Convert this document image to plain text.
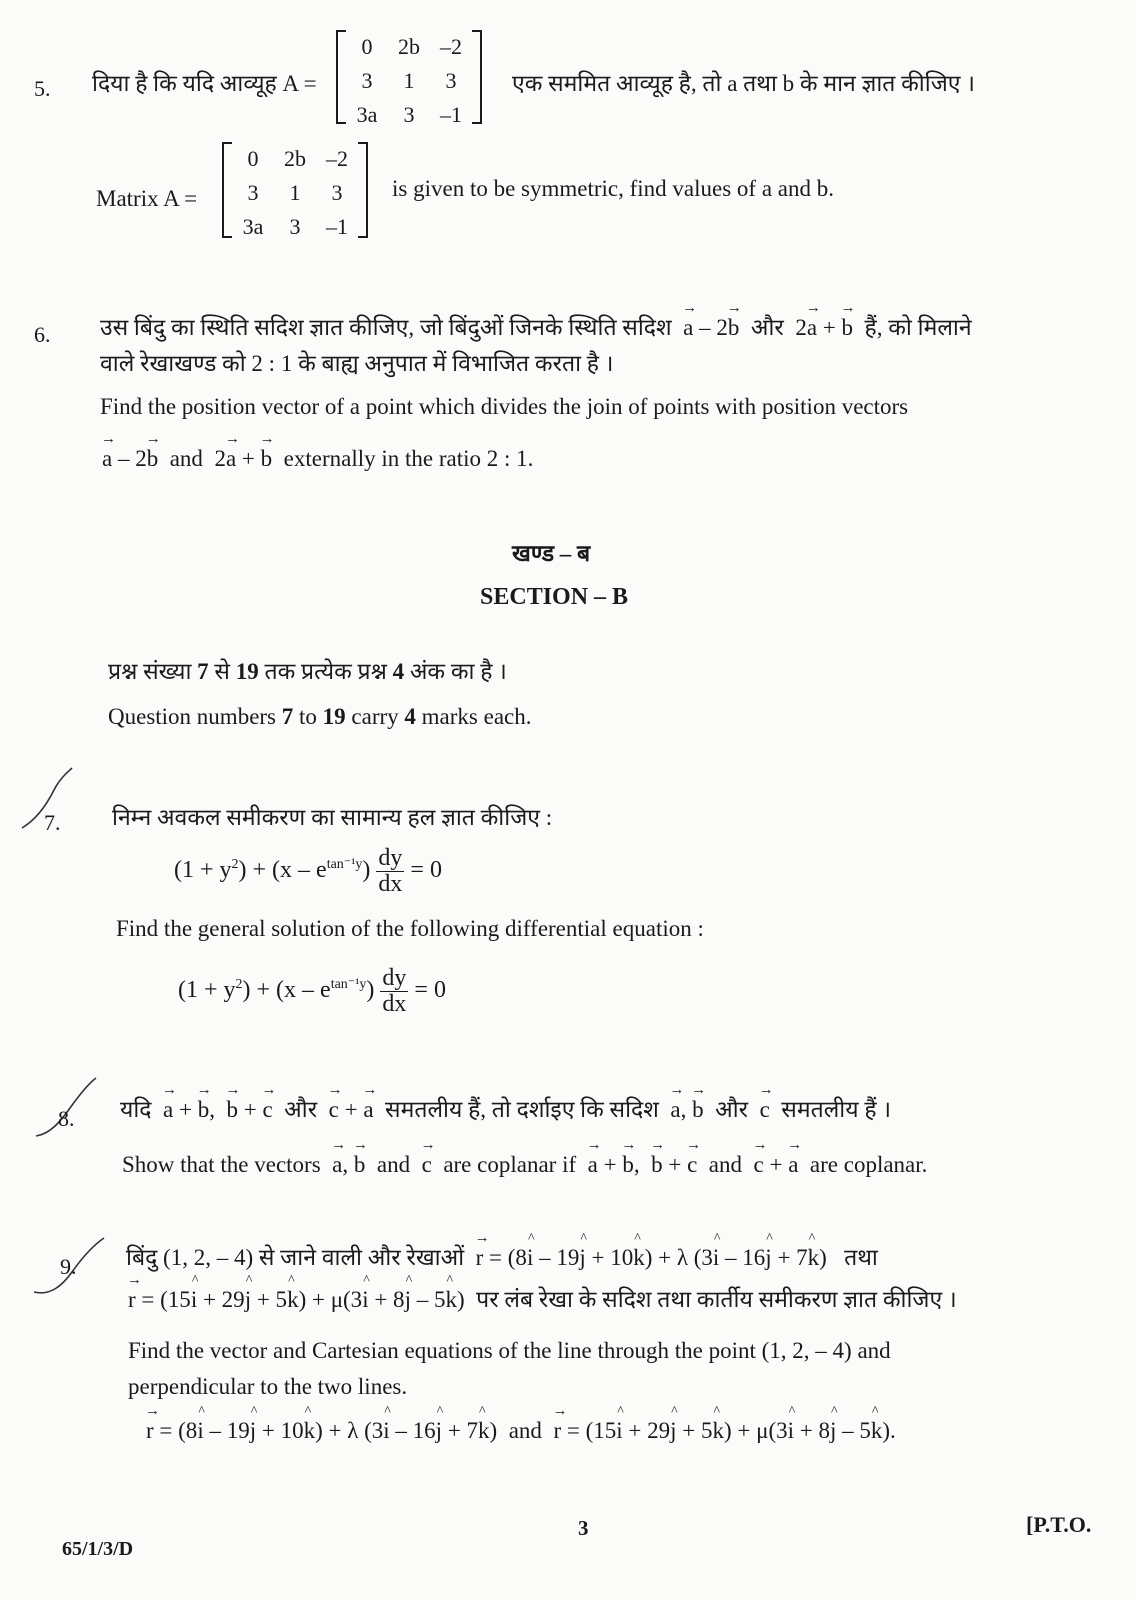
5. दिया है कि यदि आव्यूह A =
0	2b	–2
3	1	3
3a	3	–1
एक सममित आव्यूह है, तो a तथा b के मान ज्ञात कीजिए ।
Matrix A =
0	2b	–2
3	1	3
3a	3	–1
is given to be symmetric, find values of a and b.
6. उस बिंदु का स्थिति सदिश ज्ञात कीजिए, जो बिंदुओं जिनके स्थिति सदिश → a – 2→ b और  2→ a + → b हैं, को मिलाने
वाले रेखाखण्ड को 2 : 1 के बाह्य अनुपात में विभाजित करता है ।
Find the position vector of a point which divides the join of points with position vectors
→ a – 2→ b and  2→ a + → b externally in the ratio 2 : 1.
खण्ड – ब
SECTION – B
प्रश्न संख्या 7 से 19 तक प्रत्येक प्रश्न 4 अंक का है ।
Question numbers 7 to 19 carry 4 marks each.
7. निम्न अवकल समीकरण का सामान्य हल ज्ञात कीजिए :
$(1 + y^2) + (x - e^{tan^{-1}y}) \frac{dy}{dx} = 0$
Find the general solution of the following differential equation :
$(1 + y^2) + (x - e^{tan^{-1}y}) \frac{dy}{dx} = 0$
8. यदि → a + → b,  → b + → c और → c + → a समतलीय हैं, तो दर्शाइए कि सदिश → a, → b और → c समतलीय हैं ।
Show that the vectors → a, → b and → c are coplanar if → a + → b,  → b + → c and → c + → a are coplanar.
9. बिंदु (1, 2, – 4) से जाने वाली और रेखाओं → r = (8^ i – 19^ j + 10^ k) + λ (3^ i – 16^ j + 7^ k)   तथा
→ r = (15^ i + 29^ j + 5^ k) + μ(3^ i + 8^ j – 5^ k)  पर लंब रेखा के सदिश तथा कार्तीय समीकरण ज्ञात कीजिए ।
Find the vector and Cartesian equations of the line through the point (1, 2, – 4) and
perpendicular to the two lines.
→ r = (8^ i – 19^ j + 10^ k) + λ (3^ i – 16^ j + 7^ k)  and → r = (15^ i + 29^ j + 5^ k) + μ(3^ i + 8^ j – 5^ k).
65/1/3/D
3	[P.T.O.
